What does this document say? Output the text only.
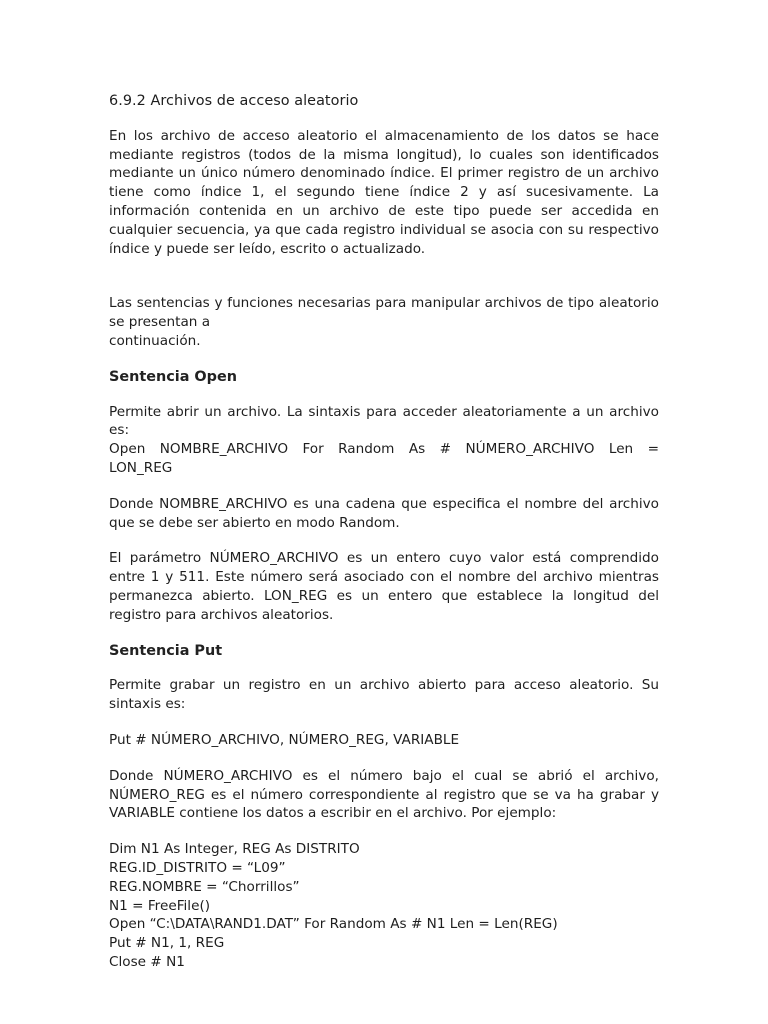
6.9.2 Archivos de acceso aleatorio

En los archivo de acceso aleatorio el almacenamiento de los datos se hace
mediante registros (todos de la misma longitud), lo cuales son identificados
mediante un único número denominado índice. El primer registro de un archivo
tiene como índice 1, el segundo tiene índice 2 y así sucesivamente. La
información contenida en un archivo de este tipo puede ser accedida en
cualquier secuencia, ya que cada registro individual se asocia con su respectivo
índice y puede ser leído, escrito o actualizado.

Las sentencias y funciones necesarias para manipular archivos de tipo aleatorio
se presentan a
continuación.

Sentencia Open

Permite abrir un archivo. La sintaxis para acceder aleatoriamente a un archivo
es:
Open NOMBRE_ARCHIVO For Random As # NÚMERO_ARCHIVO Len =
LON_REG

Donde NOMBRE_ARCHIVO es una cadena que especifica el nombre del archivo
que se debe ser abierto en modo Random.

El parámetro NÚMERO_ARCHIVO es un entero cuyo valor está comprendido
entre 1 y 511. Este número será asociado con el nombre del archivo mientras
permanezca abierto. LON_REG es un entero que establece la longitud del
registro para archivos aleatorios.

Sentencia Put

Permite grabar un registro en un archivo abierto para acceso aleatorio. Su
sintaxis es:

Put # NÚMERO_ARCHIVO, NÚMERO_REG, VARIABLE

Donde NÚMERO_ARCHIVO es el número bajo el cual se abrió el archivo,
NÚMERO_REG es el número correspondiente al registro que se va ha grabar y
VARIABLE contiene los datos a escribir en el archivo. Por ejemplo:

Dim N1 As Integer, REG As DISTRITO
REG.ID_DISTRITO = “L09”
REG.NOMBRE = “Chorrillos”
N1 = FreeFile()
Open “C:\DATA\RAND1.DAT” For Random As # N1 Len = Len(REG)
Put # N1, 1, REG
Close # N1
